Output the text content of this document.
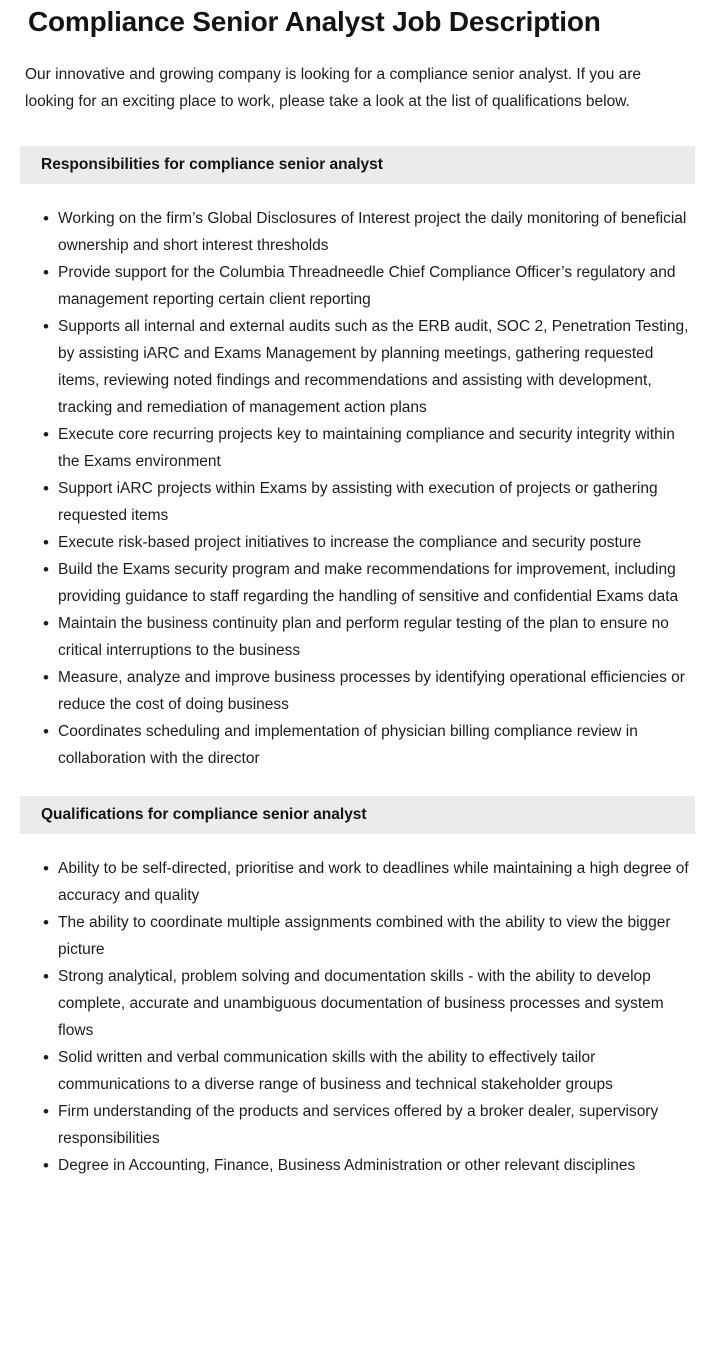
Compliance Senior Analyst Job Description

Our innovative and growing company is looking for a compliance senior analyst. If you are looking for an exciting place to work, please take a look at the list of qualifications below.

Responsibilities for compliance senior analyst
• Working on the firm’s Global Disclosures of Interest project the daily monitoring of beneficial ownership and short interest thresholds
• Provide support for the Columbia Threadneedle Chief Compliance Officer’s regulatory and management reporting certain client reporting
• Supports all internal and external audits such as the ERB audit, SOC 2, Penetration Testing, by assisting iARC and Exams Management by planning meetings, gathering requested items, reviewing noted findings and recommendations and assisting with development, tracking and remediation of management action plans
• Execute core recurring projects key to maintaining compliance and security integrity within the Exams environment
• Support iARC projects within Exams by assisting with execution of projects or gathering requested items
• Execute risk-based project initiatives to increase the compliance and security posture
• Build the Exams security program and make recommendations for improvement, including providing guidance to staff regarding the handling of sensitive and confidential Exams data
• Maintain the business continuity plan and perform regular testing of the plan to ensure no critical interruptions to the business
• Measure, analyze and improve business processes by identifying operational efficiencies or reduce the cost of doing business
• Coordinates scheduling and implementation of physician billing compliance review in collaboration with the director
Qualifications for compliance senior analyst
• Ability to be self-directed, prioritise and work to deadlines while maintaining a high degree of accuracy and quality
• The ability to coordinate multiple assignments combined with the ability to view the bigger picture
• Strong analytical, problem solving and documentation skills - with the ability to develop complete, accurate and unambiguous documentation of business processes and system flows
• Solid written and verbal communication skills with the ability to effectively tailor communications to a diverse range of business and technical stakeholder groups
• Firm understanding of the products and services offered by a broker dealer, supervisory responsibilities
• Degree in Accounting, Finance, Business Administration or other relevant disciplines
